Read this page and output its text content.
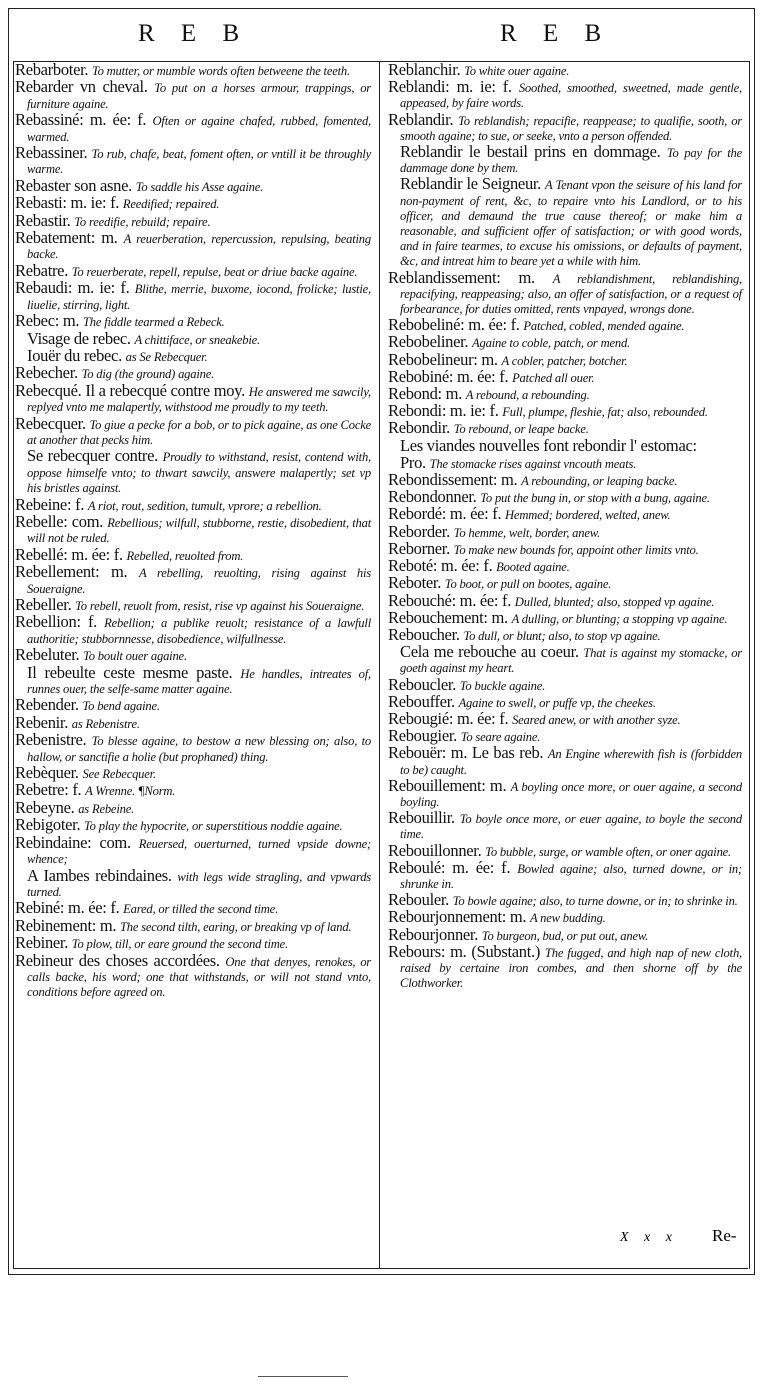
R E B	R E B

Rebarboter. To mutter, or mumble words often betweene the teeth.

Rebarder vn cheval. To put on a horses armour, trappings, or furniture againe.

Rebassiné: m. ée: f. Often or againe chafed, rubbed, fomented, warmed.

Rebassiner. To rub, chafe, beat, foment often, or vntill it be throughly warme.

Rebaster son asne. To saddle his Asse againe.

Rebasti: m. ie: f. Reedified; repaired.

Rebastir. To reedifie, rebuild; repaire.

Rebatement: m. A reuerberation, repercussion, repulsing, beating backe.

Rebatre. To reuerberate, repell, repulse, beat or driue backe againe.

Rebaudi: m. ie: f. Blithe, merrie, buxome, iocond, frolicke; lustie, liuelie, stirring, light.

Rebec: m. The fiddle tearmed a Rebeck.

Visage de rebec. A chittiface, or sneakebie.

Iouër du rebec. as Se Rebecquer.

Rebecher. To dig (the ground) againe.

Rebecqué. Il a rebecqué contre moy. He answered me sawcily, replyed vnto me malapertly, withstood me proudly to my teeth.

Rebecquer. To giue a pecke for a bob, or to pick againe, as one Cocke at another that pecks him.

Se rebecquer contre. Proudly to withstand, resist, contend with, oppose himselfe vnto; to thwart sawcily, answere malapertly; set vp his bristles against.

Rebeine: f. A riot, rout, sedition, tumult, vprore; a rebellion.

Rebelle: com. Rebellious; wilfull, stubborne, restie, disobedient, that will not be ruled.

Rebellé: m. ée: f. Rebelled, reuolted from.

Rebellement: m. A rebelling, reuolting, rising against his Soueraigne.

Rebeller. To rebell, reuolt from, resist, rise vp against his Soueraigne.

Rebellion: f. Rebellion; a publike reuolt; resistance of a lawfull authoritie; stubbornnesse, disobedience, wilfullnesse.

Rebeluter. To boult ouer againe.

Il rebeulte ceste mesme paste. He handles, intreates of, runnes ouer, the selfe-same matter againe.

Rebender. To bend againe.

Rebenir. as Rebenistre.

Rebenistre. To blesse againe, to bestow a new blessing on; also, to hallow, or sanctifie a holie (but prophaned) thing.

Rebèquer. See Rebecquer.

Rebetre: f. A Wrenne. ¶Norm.

Rebeyne. as Rebeine.

Rebigoter. To play the hypocrite, or superstitious noddie againe.

Rebindaine: com. Reuersed, ouerturned, turned vpside downe; whence;

A Iambes rebindaines. with legs wide stragling, and vpwards turned.

Rebiné: m. ée: f. Eared, or tilled the second time.

Rebinement: m. The second tilth, earing, or breaking vp of land.

Rebiner. To plow, till, or eare ground the second time.

Rebineur des choses accordées. One that denyes, renokes, or calls backe, his word; one that withstands, or will not stand vnto, conditions before agreed on.

Reblanchir. To white ouer againe.

Reblandi: m. ie: f. Soothed, smoothed, sweetned, made gentle, appeased, by faire words.

Reblandir. To reblandish; repacifie, reappease; to qualifie, sooth, or smooth againe; to sue, or seeke, vnto a person offended.

Reblandir le bestail prins en dommage. To pay for the dammage done by them.

Reblandir le Seigneur. A Tenant vpon the seisure of his land for non-payment of rent, &c, to repaire vnto his Landlord, or to his officer, and demaund the true cause thereof; or make him a reasonable, and sufficient offer of satisfaction; or with good words, and in faire tearmes, to excuse his omissions, or defaults of payment, &c, and intreat him to beare yet a while with him.

Reblandissement: m. A reblandishment, reblandishing, repacifying, reappeasing; also, an offer of satisfaction, or a request of forbearance, for duties omitted, rents vnpayed, wrongs done.

Rebobeliné: m. ée: f. Patched, cobled, mended againe.

Rebobeliner. Againe to coble, patch, or mend.

Rebobelineur: m. A cobler, patcher, botcher.

Rebobiné: m. ée: f. Patched all ouer.

Rebond: m. A rebound, a rebounding.

Rebondi: m. ie: f. Full, plumpe, fleshie, fat; also, rebounded.

Rebondir. To rebound, or leape backe.

Les viandes nouvelles font rebondir l' estomac:

Pro. The stomacke rises against vncouth meats.

Rebondissement: m. A rebounding, or leaping backe.

Rebondonner. To put the bung in, or stop with a bung, againe.

Rebordé: m. ée: f. Hemmed; bordered, welted, anew.

Reborder. To hemme, welt, border, anew.

Reborner. To make new bounds for, appoint other limits vnto.

Reboté: m. ée: f. Booted againe.

Reboter. To boot, or pull on bootes, againe.

Rebouché: m. ée: f. Dulled, blunted; also, stopped vp againe.

Rebouchement: m. A dulling, or blunting; a stopping vp againe.

Reboucher. To dull, or blunt; also, to stop vp againe.

Cela me rebouche au coeur. That is against my stomacke, or goeth against my heart.

Reboucler. To buckle againe.

Rebouffer. Againe to swell, or puffe vp, the cheekes.

Rebougié: m. ée: f. Seared anew, or with another syze.

Rebougier. To seare againe.

Rebouër: m. Le bas reb. An Engine wherewith fish is (forbidden to be) caught.

Rebouillement: m. A boyling once more, or ouer againe, a second boyling.

Rebouillir. To boyle once more, or euer againe, to boyle the second time.

Rebouillonner. To bubble, surge, or wamble often, or oner againe.

Reboulé: m. ée: f. Bowled againe; also, turned downe, or in; shrunke in.

Rebouler. To bowle againe; also, to turne downe, or in; to shrinke in.

Rebourjonnement: m. A new budding.

Rebourjonner. To burgeon, bud, or put out, anew.

Rebours: m. (Substant.) The fugged, and high nap of new cloth, raised by certaine iron combes, and then shorne off by the Clothworker.

X x x Re-
